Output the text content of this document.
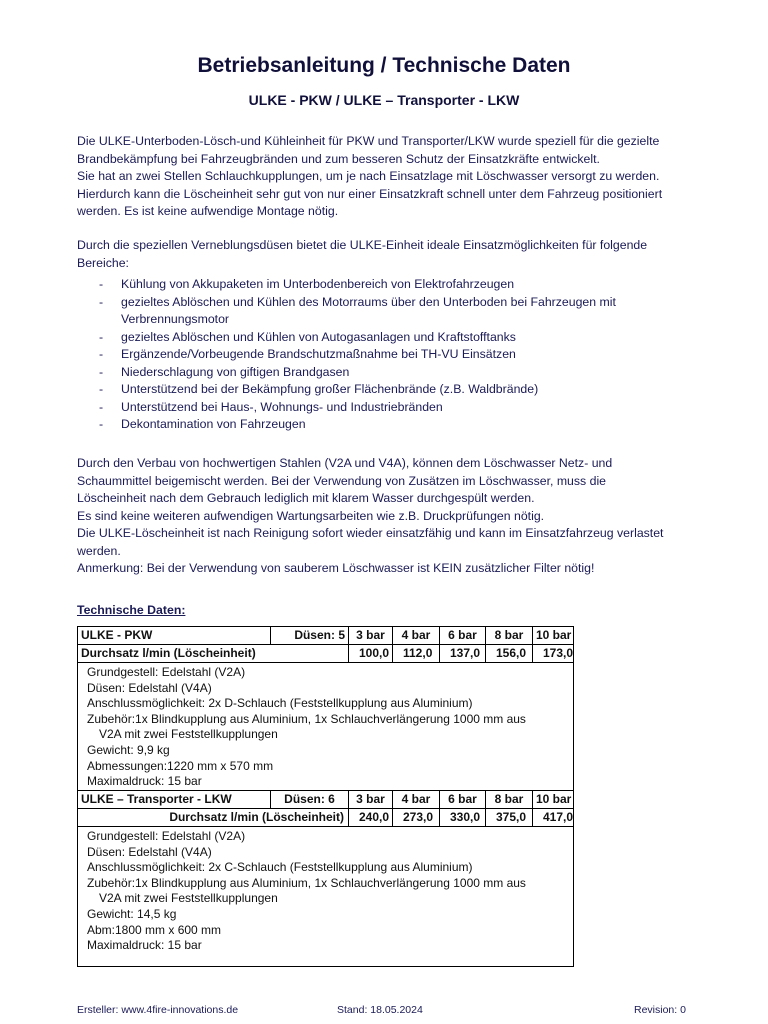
Betriebsanleitung / Technische Daten
ULKE - PKW / ULKE – Transporter - LKW
Die ULKE-Unterboden-Lösch-und Kühleinheit für PKW und Transporter/LKW wurde speziell für die gezielte
Brandbekämpfung bei Fahrzeugbränden und zum besseren Schutz der Einsatzkräfte entwickelt.
Sie hat an zwei Stellen Schlauchkupplungen, um je nach Einsatzlage mit Löschwasser versorgt zu werden.
Hierdurch kann die Löscheinheit sehr gut von nur einer Einsatzkraft schnell unter dem Fahrzeug positioniert
werden. Es ist keine aufwendige Montage nötig.
Durch die speziellen Verneblungsdüsen bietet die ULKE-Einheit ideale Einsatzmöglichkeiten für folgende
Bereiche:
- Kühlung von Akkupaketen im Unterbodenbereich von Elektrofahrzeugen
- gezieltes Ablöschen und Kühlen des Motorraums über den Unterboden bei Fahrzeugen mit Verbrennungsmotor
- gezieltes Ablöschen und Kühlen von Autogasanlagen und Kraftstofftanks
- Ergänzende/Vorbeugende Brandschutzmaßnahme bei TH-VU Einsätzen
- Niederschlagung von giftigen Brandgasen
- Unterstützend bei der Bekämpfung großer Flächenbrände (z.B. Waldbrände)
- Unterstützend bei Haus-, Wohnungs- und Industriebränden
- Dekontamination von Fahrzeugen
Durch den Verbau von hochwertigen Stahlen (V2A und V4A), können dem Löschwasser Netz- und
Schaummittel beigemischt werden. Bei der Verwendung von Zusätzen im Löschwasser, muss die
Löscheinheit nach dem Gebrauch lediglich mit klarem Wasser durchgespült werden.
Es sind keine weiteren aufwendigen Wartungsarbeiten wie z.B. Druckprüfungen nötig.
Die ULKE-Löscheinheit ist nach Reinigung sofort wieder einsatzfähig und kann im Einsatzfahrzeug verlastet
werden.
Anmerkung: Bei der Verwendung von sauberem Löschwasser ist KEIN zusätzlicher Filter nötig!
Technische Daten:
ULKE - PKW	Düsen: 5 3 bar	4 bar	6 bar	8 bar	10 bar
Durchsatz l/min (Löscheinheit)	100,0	112,0	137,0	156,0	173,0
Grundgestell: Edelstahl (V2A)
Düsen: Edelstahl (V4A)
Anschlussmöglichkeit: 2x D-Schlauch (Feststellkupplung aus Aluminium)
Zubehör:1x Blindkupplung aus Aluminium, 1x Schlauchverlängerung 1000 mm aus
V2A mit zwei Feststellkupplungen
Gewicht: 9,9 kg
Abmessungen:1220 mm x 570 mm
Maximaldruck: 15 bar
ULKE – Transporter - LKW	Düsen: 6	3 bar	4 bar	6 bar	8 bar	10 bar
Durchsatz l/min (Löscheinheit)	240,0	273,0	330,0	375,0	417,0
Grundgestell: Edelstahl (V2A)
Düsen: Edelstahl (V4A)
Anschlussmöglichkeit: 2x C-Schlauch (Feststellkupplung aus Aluminium)
Zubehör:1x Blindkupplung aus Aluminium, 1x Schlauchverlängerung 1000 mm aus
V2A mit zwei Feststellkupplungen
Gewicht: 14,5 kg
Abm:1800 mm x 600 mm
Maximaldruck: 15 bar
Ersteller: www.4fire-innovations.de	Stand: 18.05.2024	Revision: 0
